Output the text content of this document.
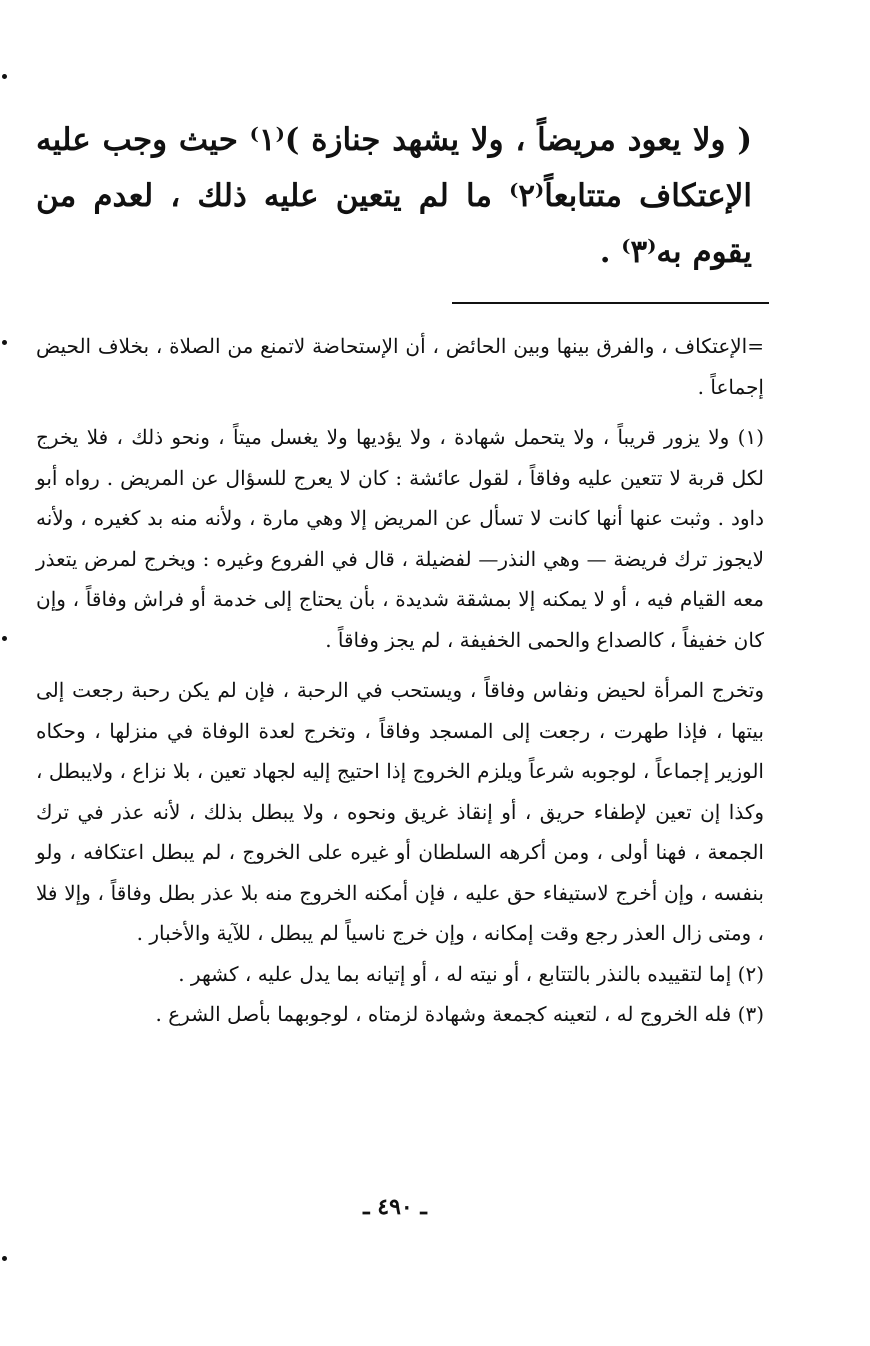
( ولا يعود مريضاً ، ولا يشهد جنازة )⁽١⁾ حيث وجب عليه الإعتكاف متتابعاً⁽٢⁾ ما لم يتعين عليه ذلك ، لعدم من يقوم به⁽٣⁾ .

=الإعتكاف ، والفرق بينها وبين الحائض ، أن الإستحاضة لاتمنع من الصلاة ، بخلاف الحيض إجماعاً .

(١) ولا يزور قريباً ، ولا يتحمل شهادة ، ولا يؤديها ولا يغسل ميتاً ، ونحو ذلك ، فلا يخرج لكل قربة لا تتعين عليه وفاقاً ، لقول عائشة : كان لا يعرج للسؤال عن المريض . رواه أبو داود . وثبت عنها أنها كانت لا تسأل عن المريض إلا وهي مارة ، ولأنه منه بد كغيره ، ولأنه لايجوز ترك فريضة — وهي النذر— لفضيلة ، قال في الفروع وغيره : ويخرج لمرض يتعذر معه القيام فيه ، أو لا يمكنه إلا بمشقة شديدة ، بأن يحتاج إلى خدمة أو فراش وفاقاً ، وإن كان خفيفاً ، كالصداع والحمى الخفيفة ، لم يجز وفاقاً .

وتخرج المرأة لحيض ونفاس وفاقاً ، ويستحب في الرحبة ، فإن لم يكن رحبة رجعت إلى بيتها ، فإذا طهرت ، رجعت إلى المسجد وفاقاً ، وتخرج لعدة الوفاة في منزلها ، وحكاه الوزير إجماعاً ، لوجوبه شرعاً ويلزم الخروج إذا احتيج إليه لجهاد تعين ، بلا نزاع ، ولايبطل ، وكذا إن تعين لإطفاء حريق ، أو إنقاذ غريق ونحوه ، ولا يبطل بذلك ، لأنه عذر في ترك الجمعة ، فهنا أولى ، ومن أكرهه السلطان أو غيره على الخروج ، لم يبطل اعتكافه ، ولو بنفسه ، وإن أخرج لاستيفاء حق عليه ، فإن أمكنه الخروج منه بلا عذر بطل وفاقاً ، وإلا فلا ، ومتى زال العذر رجع وقت إمكانه ، وإن خرج ناسياً لم يبطل ، للآية والأخبار .

(٢) إما لتقييده بالنذر بالتتابع ، أو نيته له ، أو إتيانه بما يدل عليه ، كشهر .

(٣) فله الخروج له ، لتعينه كجمعة وشهادة لزمتاه ، لوجوبهما بأصل الشرع .

ـ ٤٩٠ ـ
